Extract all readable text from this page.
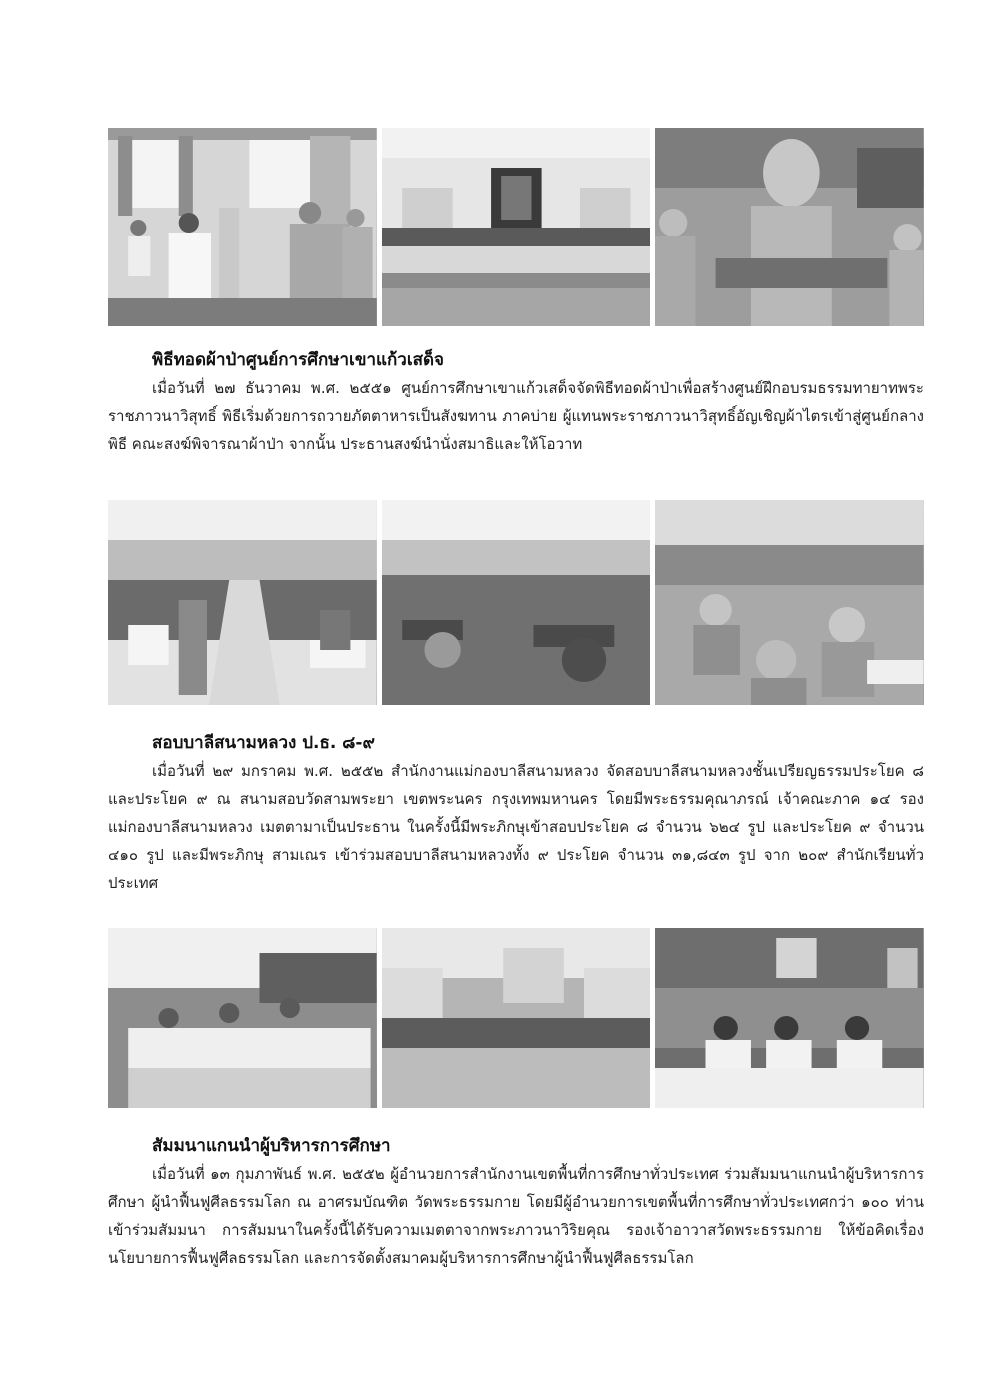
พิธีทอดผ้าป่าศูนย์การศึกษาเขาแก้วเสด็จ

เมื่อวันที่ ๒๗ ธันวาคม พ.ศ. ๒๕๕๑ ศูนย์การศึกษาเขาแก้วเสด็จจัดพิธีทอดผ้าป่าเพื่อสร้างศูนย์ฝึกอบรมธรรมทายาทพระราชภาวนาวิสุทธิ์ พิธีเริ่มด้วยการถวายภัตตาหารเป็นสังฆทาน ภาคบ่าย ผู้แทนพระราชภาวนาวิสุทธิ์อัญเชิญผ้าไตรเข้าสู่ศูนย์กลางพิธี คณะสงฆ์พิจารณาผ้าป่า จากนั้น ประธานสงฆ์นำนั่งสมาธิและให้โอวาท

สอบบาลีสนามหลวง ป.ธ. ๘-๙

เมื่อวันที่ ๒๙ มกราคม พ.ศ. ๒๕๕๒ สำนักงานแม่กองบาลีสนามหลวง จัดสอบบาลีสนามหลวงชั้นเปรียญธรรมประโยค ๘ และประโยค ๙ ณ สนามสอบวัดสามพระยา เขตพระนคร กรุงเทพมหานคร โดยมีพระธรรมคุณาภรณ์ เจ้าคณะภาค ๑๔ รองแม่กองบาลีสนามหลวง เมตตามาเป็นประธาน ในครั้งนี้มีพระภิกษุเข้าสอบประโยค ๘ จำนวน ๖๒๔ รูป และประโยค ๙ จำนวน ๔๑๐ รูป และมีพระภิกษุ สามเณร เข้าร่วมสอบบาลีสนามหลวงทั้ง ๙ ประโยค จำนวน ๓๑,๘๔๓ รูป จาก ๒๐๙ สำนักเรียนทั่วประเทศ

สัมมนาแกนนำผู้บริหารการศึกษา

เมื่อวันที่ ๑๓ กุมภาพันธ์ พ.ศ. ๒๕๕๒ ผู้อำนวยการสำนักงานเขตพื้นที่การศึกษาทั่วประเทศ ร่วมสัมมนาแกนนำผู้บริหารการศึกษา ผู้นำฟื้นฟูศีลธรรมโลก ณ อาศรมบัณฑิต วัดพระธรรมกาย โดยมีผู้อำนวยการเขตพื้นที่การศึกษาทั่วประเทศกว่า ๑๐๐ ท่านเข้าร่วมสัมมนา การสัมมนาในครั้งนี้ได้รับความเมตตาจากพระภาวนาวิริยคุณ รองเจ้าอาวาสวัดพระธรรมกาย ให้ข้อคิดเรื่องนโยบายการฟื้นฟูศีลธรรมโลก และการจัดตั้งสมาคมผู้บริหารการศึกษาผู้นำฟื้นฟูศีลธรรมโลก
